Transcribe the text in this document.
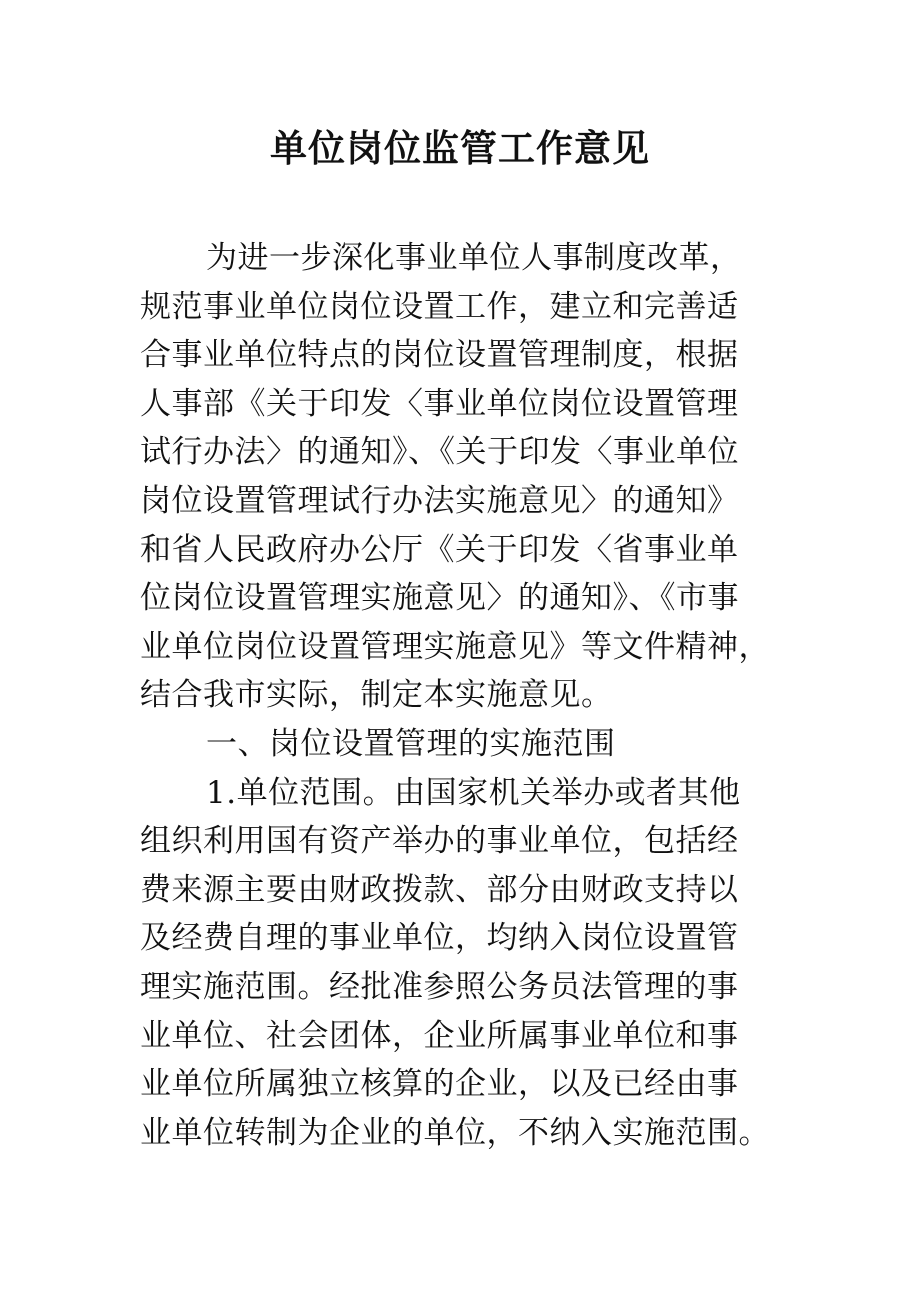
单位岗位监管工作意见
为进一步深化事业单位人事制度改革，
规范事业单位岗位设置工作，建立和完善适
合事业单位特点的岗位设置管理制度，根据
人事部《关于印发〈事业单位岗位设置管理
试行办法〉的通知》、《关于印发〈事业单位
岗位设置管理试行办法实施意见〉的通知》
和省人民政府办公厅《关于印发〈省事业单
位岗位设置管理实施意见〉的通知》、《市事
业单位岗位设置管理实施意见》等文件精神，
结合我市实际，制定本实施意见。
一、岗位设置管理的实施范围
1.单位范围。由国家机关举办或者其他
组织利用国有资产举办的事业单位，包括经
费来源主要由财政拨款、部分由财政支持以
及经费自理的事业单位，均纳入岗位设置管
理实施范围。经批准参照公务员法管理的事
业单位、社会团体，企业所属事业单位和事
业单位所属独立核算的企业，以及已经由事
业单位转制为企业的单位，不纳入实施范围。
